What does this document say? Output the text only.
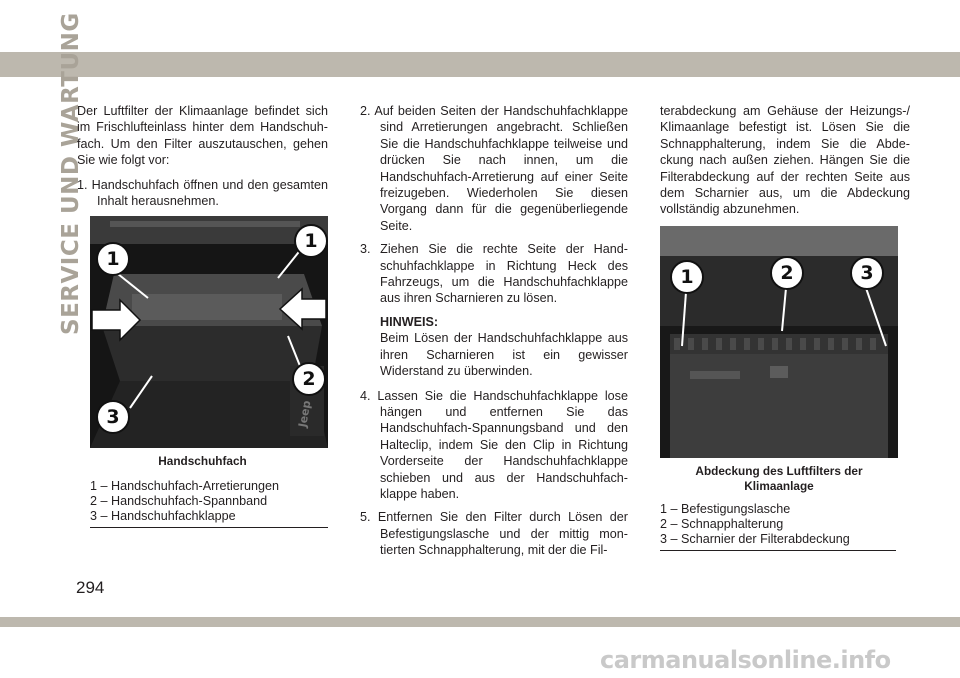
SERVICE UND WARTUNG

Der Luftfilter der Klimaanlage befindet sich im Frischlufteinlass hinter dem Handschuhfach. Um den Filter auszutauschen, gehen Sie wie folgt vor:

1. Handschuhfach öffnen und den gesamten Inhalt herausnehmen.

Jeep
1
1
2
3
Handschuhfach
1 – Handschuhfach-Arretierungen
2 – Handschuhfach-Spannband
3 – Handschuhfachklappe

2. Auf beiden Seiten der Handschuhfachklappe sind Arretierungen angebracht. Schließen Sie die Handschuhfachklappe teilweise und drücken Sie nach innen, um die Handschuhfach-Arretierung auf einer Seite freizugeben. Wiederholen Sie diesen Vorgang dann für die gegenüberliegende Seite.

3. Ziehen Sie die rechte Seite der Handschuhfachklappe in Richtung Heck des Fahrzeugs, um die Handschuhfachklappe aus ihren Scharnieren zu lösen.

HINWEIS:

Beim Lösen der Handschuhfachklappe aus ihren Scharnieren ist ein gewisser Widerstand zu überwinden.

4. Lassen Sie die Handschuhfachklappe lose hängen und entfernen Sie das Handschuhfach-Spannungsband und den Halteclip, indem Sie den Clip in Richtung Vorderseite der Handschuhfachklappe schieben und aus der Handschuhfachklappe haben.

5. Entfernen Sie den Filter durch Lösen der Befestigungslasche und der mittig montierten Schnapphalterung, mit der die Fil-

terabdeckung am Gehäuse der Heizungs-/ Klimaanlage befestigt ist. Lösen Sie die Schnapphalterung, indem Sie die Abdeckung nach außen ziehen. Hängen Sie die Filterabdeckung auf der rechten Seite aus dem Scharnier aus, um die Abdeckung vollständig abzunehmen.

1	2	3
Abdeckung des Luftfilters der Klimaanlage
1 – Befestigungslasche
2 – Schnapphalterung
3 – Scharnier der Filterabdeckung
294
carmanualsonline.info
